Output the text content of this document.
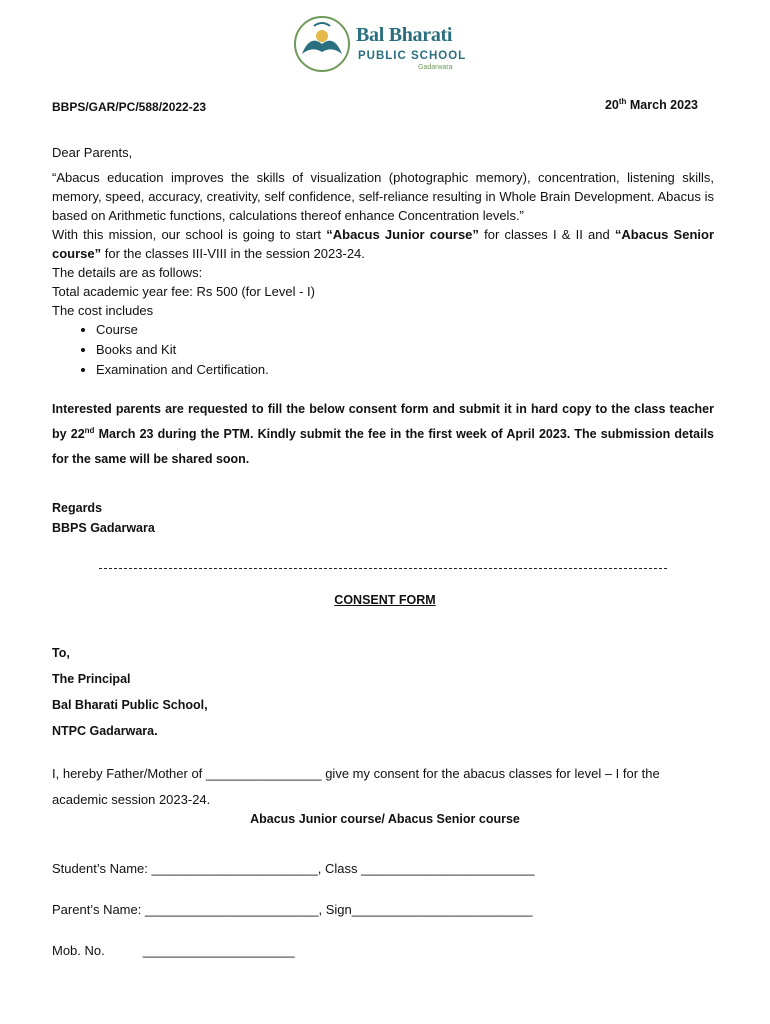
Bal Bharati
PUBLIC SCHOOL
Gadarwara
BBPS/GAR/PC/588/2022-23	20th March 2023

Dear Parents,

“Abacus education improves the skills of visualization (photographic memory), concentration, listening skills, memory, speed, accuracy, creativity, self confidence, self-reliance resulting in Whole Brain Development. Abacus is based on Arithmetic functions, calculations thereof enhance Concentration levels.”

With this mission, our school is going to start “Abacus Junior course” for classes I & II and “Abacus Senior course” for the classes III-VIII in the session 2023-24.

The details are as follows:

Total academic year fee: Rs 500 (for Level - I)

The cost includes

• Course
• Books and Kit
• Examination and Certification.
Interested parents are requested to fill the below consent form and submit it in hard copy to the class teacher by 22nd March 23 during the PTM. Kindly submit the fee in the first week of April 2023. The submission details for the same will be shared soon.
Regards
BBPS Gadarwara
CONSENT FORM
To,
The Principal
Bal Bharati Public School,
NTPC Gadarwara.
I, hereby Father/Mother of ________________ give my consent for the abacus classes for level – I for the academic session 2023-24.
Abacus Junior course/ Abacus Senior course
Student’s Name: _______________________, Class ________________________
Parent’s Name: ________________________, Sign_________________________
Mob. No.	_____________________
